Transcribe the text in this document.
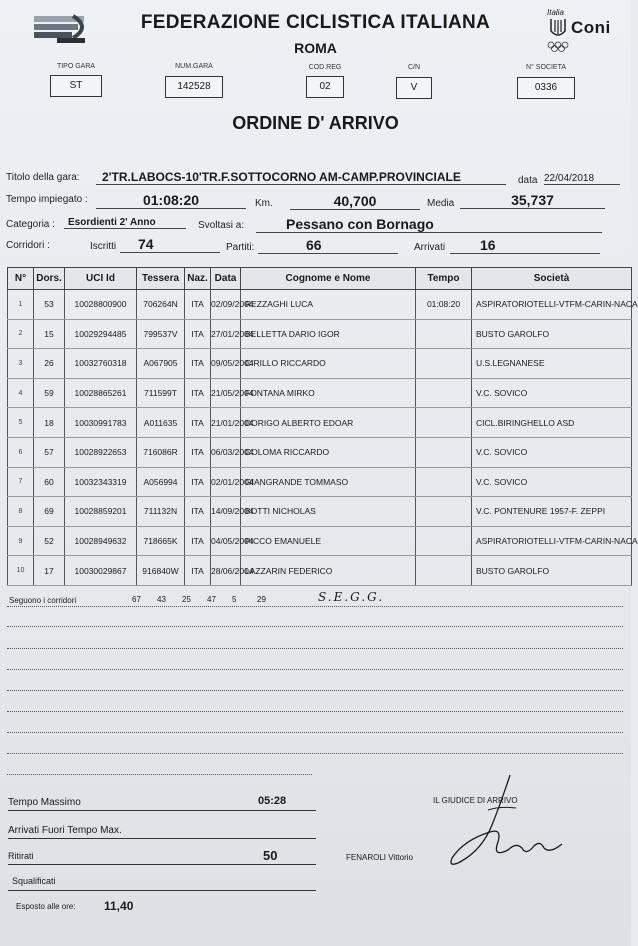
FEDERAZIONE CICLISTICA ITALIANA
ROMA
Italia
Coni
TIPO GARA
ST
NUM.GARA
142528
COD.REG
02
C/N
V
N° SOCIETA
0336
ORDINE D' ARRIVO
Titolo della gara:	2'TR.LABOCS-10'TR.F.SOTTOCORNO AM-CAMP.PROVINCIALE	data 22/04/2018
Tempo impiegato :	01:08:20	Km.	40,700	Media	35,737
Categoria :	Esordienti 2' Anno	Svoltasi a:	Pessano con Bornago
Corridori :	Iscritti	74	Partiti:	66	Arrivati	16
N°	Dors.	UCI Id	Tessera	Naz.	Data	Cognome e Nome	Tempo	Società
1	53	10028800900	706264N	ITA	02/09/2004	REZZAGHI LUCA	01:08:20	ASPIRATORIOTELLI-VTFM-CARIN-NACA
2	15	10029294485	799537V	ITA	27/01/2004	BELLETTA DARIO IGOR		BUSTO GAROLFO
3	26	10032760318	A067905	ITA	09/05/2004	CIRILLO RICCARDO		U.S.LEGNANESE
4	59	10028865261	711599T	ITA	21/05/2004	FONTANA MIRKO		V.C. SOVICO
5	18	10030991783	A011635	ITA	21/01/2004	DORIGO ALBERTO EDOAR		CICL.BIRINGHELLO ASD
6	57	10028922653	716086R	ITA	06/03/2004	COLOMA RICCARDO		V.C. SOVICO
7	60	10032343319	A056994	ITA	02/01/2004	GIANGRANDE TOMMASO		V.C. SOVICO
8	69	10028859201	711132N	ITA	14/09/2004	BOTTI NICHOLAS		V.C. PONTENURE 1957-F. ZEPPI
9	52	10028949632	718665K	ITA	04/05/2004	PICCO EMANUELE		ASPIRATORIOTELLI-VTFM-CARIN-NACA
10	17	10030029867	916840W	ITA	28/06/2004	LAZZARIN FEDERICO		BUSTO GAROLFO
Seguono i corridori	67	43	25	47	5	29	S.E.G.G.
Tempo Massimo	05:28
Arrivati Fuori Tempo Max.
Ritirati	50
Squalificati
Esposto alle ore: 11,40
IL GIUDICE DI ARRIVO
FENAROLI Vittorio
